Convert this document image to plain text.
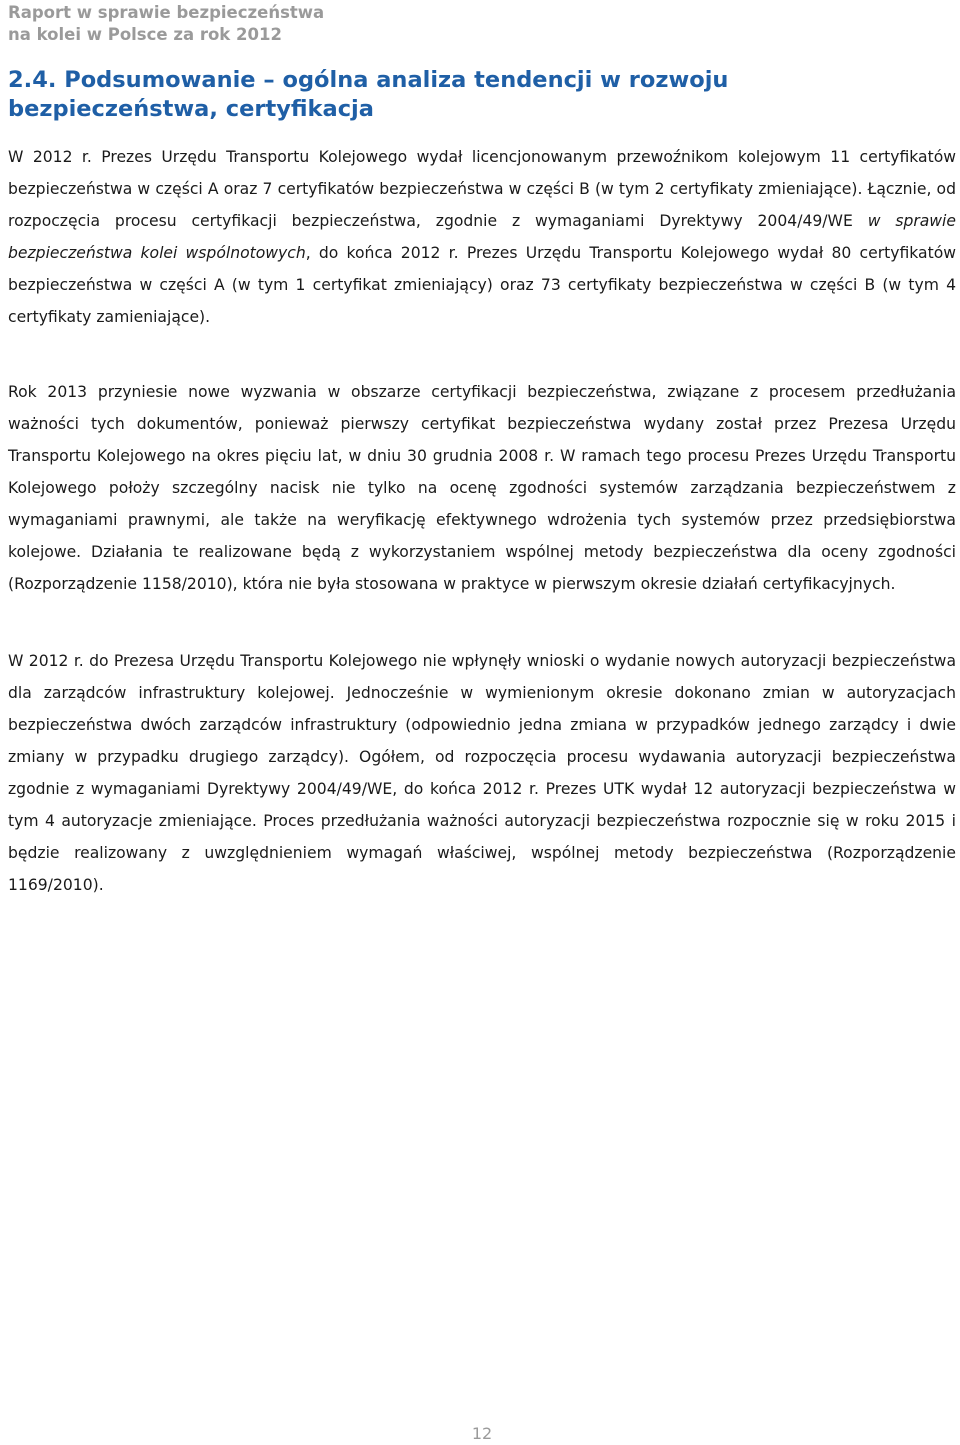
Raport w sprawie bezpieczeństwa
na kolei w Polsce za rok 2012
2.4. Podsumowanie – ogólna analiza tendencji w rozwoju bezpieczeństwa, certyfikacja

W 2012 r. Prezes Urzędu Transportu Kolejowego wydał licencjonowanym przewoźnikom kolejowym 11 certyfikatów bezpieczeństwa w części A oraz 7 certyfikatów bezpieczeństwa w części B (w tym 2 certyfikaty zmieniające). Łącznie, od rozpoczęcia procesu certyfikacji bezpieczeństwa, zgodnie z wymaganiami Dyrektywy 2004/49/WE w sprawie bezpieczeństwa kolei wspólnotowych, do końca 2012 r. Prezes Urzędu Transportu Kolejowego wydał 80 certyfikatów bezpieczeństwa w części A (w tym 1 certyfikat zmieniający) oraz 73 certyfikaty bezpieczeństwa w części B (w tym 4 certyfikaty zamieniające).

Rok 2013 przyniesie nowe wyzwania w obszarze certyfikacji bezpieczeństwa, związane z procesem przedłużania ważności tych dokumentów, ponieważ pierwszy certyfikat bezpieczeństwa wydany został przez Prezesa Urzędu Transportu Kolejowego na okres pięciu lat, w dniu 30 grudnia 2008 r. W ramach tego procesu Prezes Urzędu Transportu Kolejowego położy szczególny nacisk nie tylko na ocenę zgodności systemów zarządzania bezpieczeństwem z wymaganiami prawnymi, ale także na weryfikację efektywnego wdrożenia tych systemów przez przedsiębiorstwa kolejowe. Działania te realizowane będą z wykorzystaniem wspólnej metody bezpieczeństwa dla oceny zgodności (Rozporządzenie 1158/2010), która nie była stosowana w praktyce w pierwszym okresie działań certyfikacyjnych.

W 2012 r. do Prezesa Urzędu Transportu Kolejowego nie wpłynęły wnioski o wydanie nowych autoryzacji bezpieczeństwa dla zarządców infrastruktury kolejowej. Jednocześnie w wymienionym okresie dokonano zmian w autoryzacjach bezpieczeństwa dwóch zarządców infrastruktury (odpowiednio jedna zmiana w przypadków jednego zarządcy i dwie zmiany w przypadku drugiego zarządcy). Ogółem, od rozpoczęcia procesu wydawania autoryzacji bezpieczeństwa zgodnie z wymaganiami Dyrektywy 2004/49/WE, do końca 2012 r. Prezes UTK wydał 12 autoryzacji bezpieczeństwa w tym 4 autoryzacje zmieniające. Proces przedłużania ważności autoryzacji bezpieczeństwa rozpocznie się w roku 2015 i będzie realizowany z uwzględnieniem wymagań właściwej, wspólnej metody bezpieczeństwa (Rozporządzenie 1169/2010).

12
